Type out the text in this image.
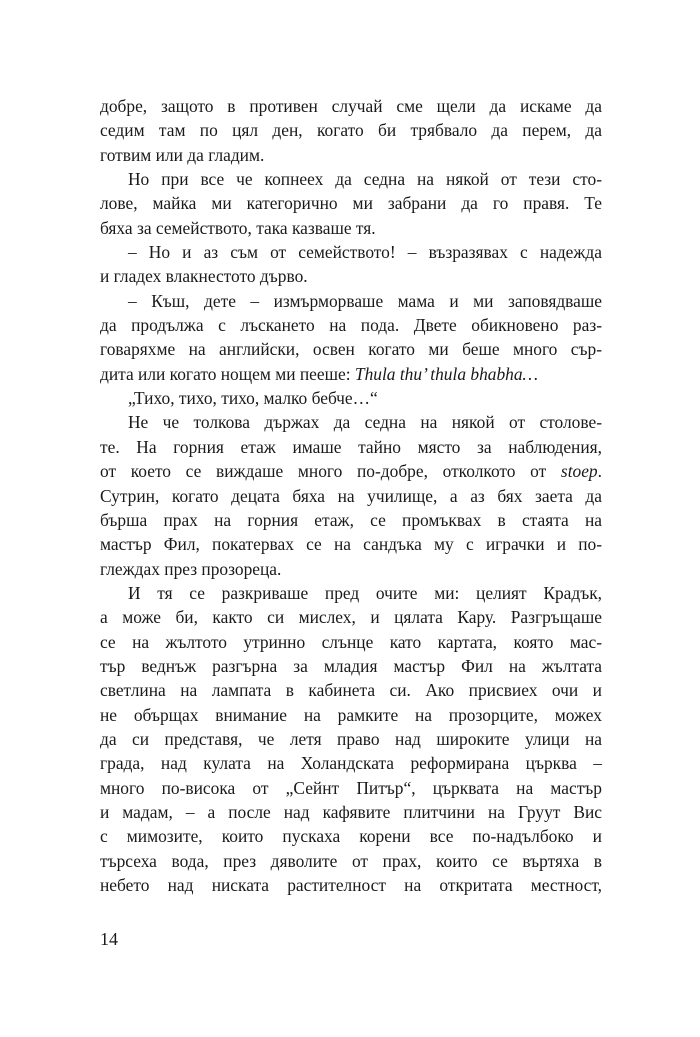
добре, защото в противен случай сме щели да искаме да
седим там по цял ден, когато би трябвало да перем, да
готвим или да гладим.
Но при все че копнеех да седна на някой от тези сто-
лове, майка ми категорично ми забрани да го правя. Те
бяха за семейството, така казваше тя.
– Но и аз съм от семейството! – възразявах с надежда
и гладех влакнестото дърво.
– Къш, дете – измърморваше мама и ми заповядваше
да продължа с лъскането на пода. Двете обикновено раз-
говаряхме на английски, освен когато ми беше много сър-
дита или когато нощем ми пееше: Thula thu’ thula bhabha…
„Тихо, тихо, тихо, малко бебче…“
Не че толкова държах да седна на някой от столове-
те. На горния етаж имаше тайно място за наблюдения,
от което се виждаше много по-добре, отколкото от stoep.
Сутрин, когато децата бяха на училище, а аз бях заета да
бърша прах на горния етаж, се промъквах в стаята на
мастър Фил, покатервах се на сандъка му с играчки и по-
глеждах през прозореца.
И тя се разкриваше пред очите ми: целият Крадък,
а може би, както си мислех, и цялата Кару. Разгръщаше
се на жълтото утринно слънце като картата, която мас-
тър веднъж разгърна за младия мастър Фил на жълтата
светлина на лампата в кабинета си. Ако присвиех очи и
не обърщах внимание на рамките на прозорците, можех
да си представя, че летя право над широките улици на
града, над кулата на Холандската реформирана църква –
много по-висока от „Сейнт Питър“, църквата на мастър
и мадам, – а после над кафявите плитчини на Груут Вис
с мимозите, които пускаха корени все по-надълбоко и
търсеха вода, през дяволите от прах, които се въртяха в
небето над ниската растителност на откритата местност,
14
